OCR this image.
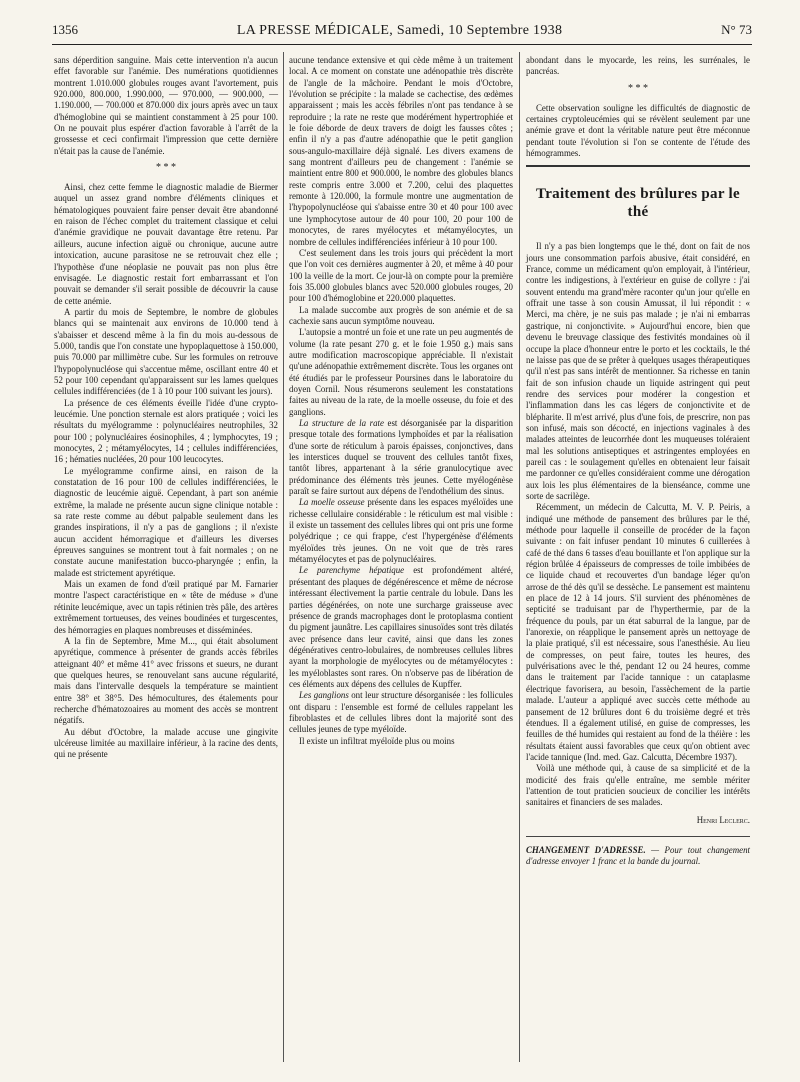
1356	LA PRESSE MÉDICALE, Samedi, 10 Septembre 1938	N° 73

sans déperdition sanguine. Mais cette intervention n'a aucun effet favorable sur l'anémie. Des numérations quotidiennes montrent 1.010.000 globules rouges avant l'avortement, puis 920.000, 800.000, 1.990.000, — 970.000, — 900.000, — 1.190.000, — 700.000 et 870.000 dix jours après avec un taux d'hémoglobine qui se maintient constamment à 25 pour 100. On ne pouvait plus espérer d'action favorable à l'arrêt de la grossesse et ceci confirmait l'impression que cette dernière n'était pas la cause de l'anémie.

* * *

Ainsi, chez cette femme le diagnostic maladie de Biermer auquel un assez grand nombre d'éléments cliniques et hématologiques pouvaient faire penser devait être abandonné en raison de l'échec complet du traitement classique et celui d'anémie gravidique ne pouvait davantage être retenu. Par ailleurs, aucune infection aiguë ou chronique, aucune autre intoxication, aucune parasitose ne se retrouvait chez elle ; l'hypothèse d'une néoplasie ne pouvait pas non plus être envisagée. Le diagnostic restait fort embarrassant et l'on pouvait se demander s'il serait possible de découvrir la cause de cette anémie.

A partir du mois de Septembre, le nombre de globules blancs qui se maintenait aux environs de 10.000 tend à s'abaisser et descend même à la fin du mois au-dessous de 5.000, tandis que l'on constate une hypoplaquettose à 150.000, puis 70.000 par millimètre cube. Sur les formules on retrouve l'hypopolynucléose qui s'accentue même, oscillant entre 40 et 52 pour 100 cependant qu'apparaissent sur les lames quelques cellules indifférenciées (de 1 à 10 pour 100 suivant les jours).

La présence de ces éléments éveille l'idée d'une crypto-leucémie. Une ponction sternale est alors pratiquée ; voici les résultats du myélogramme : polynucléaires neutrophiles, 32 pour 100 ; polynucléaires éosinophiles, 4 ; lymphocytes, 19 ; monocytes, 2 ; métamyélocytes, 14 ; cellules indifférenciées, 16 ; hématies nucléées, 20 pour 100 leucocytes.

Le myélogramme confirme ainsi, en raison de la constatation de 16 pour 100 de cellules indifférenciées, le diagnostic de leucémie aiguë. Cependant, à part son anémie extrême, la malade ne présente aucun signe clinique notable : sa rate reste comme au début palpable seulement dans les grandes inspirations, il n'y a pas de ganglions ; il n'existe aucun accident hémorragique et d'ailleurs les diverses épreuves sanguines se montrent tout à fait normales ; on ne constate aucune manifestation bucco-pharyngée ; enfin, la malade est strictement apyrétique.

Mais un examen de fond d'œil pratiqué par M. Farnarier montre l'aspect caractéristique en « tête de méduse » d'une rétinite leucémique, avec un tapis rétinien très pâle, des artères extrêmement tortueuses, des veines boudinées et turgescentes, des hémorragies en plaques nombreuses et disséminées.

A la fin de Septembre, Mme M..., qui était absolument apyrétique, commence à présenter de grands accès fébriles atteignant 40° et même 41° avec frissons et sueurs, ne durant que quelques heures, se renouvelant sans aucune régularité, mais dans l'intervalle desquels la température se maintient entre 38° et 38°5. Des hémocultures, des étalements pour recherche d'hématozoaires au moment des accès se montrent négatifs.

Au début d'Octobre, la malade accuse une gingivite ulcéreuse limitée au maxillaire inférieur, à la racine des dents, qui ne présente

aucune tendance extensive et qui cède même à un traitement local. A ce moment on constate une adénopathie très discrète de l'angle de la mâchoire. Pendant le mois d'Octobre, l'évolution se précipite : la malade se cachectise, des œdèmes apparaissent ; mais les accès fébriles n'ont pas tendance à se reproduire ; la rate ne reste que modérément hypertrophiée et le foie déborde de deux travers de doigt les fausses côtes ; enfin il n'y a pas d'autre adénopathie que le petit ganglion sous-angulo-maxillaire déjà signalé. Les divers examens de sang montrent d'ailleurs peu de changement : l'anémie se maintient entre 800 et 900.000, le nombre des globules blancs reste compris entre 3.000 et 7.200, celui des plaquettes remonte à 120.000, la formule montre une augmentation de l'hypopolynucléose qui s'abaisse entre 30 et 40 pour 100 avec une lymphocytose autour de 40 pour 100, 20 pour 100 de monocytes, de rares myélocytes et métamyélocytes, un nombre de cellules indifférenciées inférieur à 10 pour 100.

C'est seulement dans les trois jours qui précèdent la mort que l'on voit ces dernières augmenter à 20, et même à 40 pour 100 la veille de la mort. Ce jour-là on compte pour la première fois 35.000 globules blancs avec 520.000 globules rouges, 20 pour 100 d'hémoglobine et 220.000 plaquettes.

La malade succombe aux progrès de son anémie et de sa cachexie sans aucun symptôme nouveau.

L'autopsie a montré un foie et une rate un peu augmentés de volume (la rate pesant 270 g. et le foie 1.950 g.) mais sans autre modification macroscopique appréciable. Il n'existait qu'une adénopathie extrêmement discrète. Tous les organes ont été étudiés par le professeur Poursines dans le laboratoire du doyen Cornil. Nous résumerons seulement les constatations faites au niveau de la rate, de la moelle osseuse, du foie et des ganglions.

La structure de la rate est désorganisée par la disparition presque totale des formations lymphoïdes et par la réalisation d'une sorte de réticulum à parois épaisses, conjonctives, dans les interstices duquel se trouvent des cellules tantôt fixes, tantôt libres, appartenant à la série granulocytique avec prédominance des éléments très jeunes. Cette myélogénèse paraît se faire surtout aux dépens de l'endothélium des sinus.

La moelle osseuse présente dans les espaces myéloïdes une richesse cellulaire considérable : le réticulum est mal visible : il existe un tassement des cellules libres qui ont pris une forme polyédrique ; ce qui frappe, c'est l'hypergénèse d'éléments myéloïdes très jeunes. On ne voit que de très rares métamyélocytes et pas de polynucléaires.

Le parenchyme hépatique est profondément altéré, présentant des plaques de dégénérescence et même de nécrose intéressant électivement la partie centrale du lobule. Dans les parties dégénérées, on note une surcharge graisseuse avec présence de grands macrophages dont le protoplasma contient du pigment jaunâtre. Les capillaires sinusoïdes sont très dilatés avec présence dans leur cavité, ainsi que dans les zones dégénératives centro-lobulaires, de nombreuses cellules libres ayant la morphologie de myélocytes ou de métamyélocytes : les myéloblastes sont rares. On n'observe pas de libération de ces éléments aux dépens des cellules de Kupffer.

Les ganglions ont leur structure désorganisée : les follicules ont disparu : l'ensemble est formé de cellules rappelant les fibroblastes et de cellules libres dont la majorité sont des cellules jeunes de type myéloïde.

Il existe un infiltrat myéloïde plus ou moins

abondant dans le myocarde, les reins, les surrénales, le pancréas.

* * *

Cette observation souligne les difficultés de diagnostic de certaines cryptoleucémies qui se révèlent seulement par une anémie grave et dont la véritable nature peut être méconnue pendant toute l'évolution si l'on se contente de l'étude des hémogrammes.

Traitement des brûlures par le thé

Il n'y a pas bien longtemps que le thé, dont on fait de nos jours une consommation parfois abusive, était considéré, en France, comme un médicament qu'on employait, à l'intérieur, contre les indigestions, à l'extérieur en guise de collyre : j'ai souvent entendu ma grand'mère raconter qu'un jour qu'elle en offrait une tasse à son cousin Amussat, il lui répondit : « Merci, ma chère, je ne suis pas malade ; je n'ai ni embarras gastrique, ni conjonctivite. » Aujourd'hui encore, bien que devenu le breuvage classique des festivités mondaines où il occupe la place d'honneur entre le porto et les cocktails, le thé ne laisse pas que de se prêter à quelques usages thérapeutiques qu'il n'est pas sans intérêt de mentionner. Sa richesse en tanin fait de son infusion chaude un liquide astringent qui peut rendre des services pour modérer la congestion et l'inflammation dans les cas légers de conjonctivite et de blépharite. Il m'est arrivé, plus d'une fois, de prescrire, non pas son infusé, mais son décocté, en injections vaginales à des malades atteintes de leucorrhée dont les muqueuses toléraient mal les solutions antiseptiques et astringentes employées en pareil cas : le soulagement qu'elles en obtenaient leur faisait me pardonner ce qu'elles considéraient comme une dérogation aux lois les plus élémentaires de la bienséance, comme une sorte de sacrilège.

Récemment, un médecin de Calcutta, M. V. P. Peiris, a indiqué une méthode de pansement des brûlures par le thé, méthode pour laquelle il conseille de procéder de la façon suivante : on fait infuser pendant 10 minutes 6 cuillerées à café de thé dans 6 tasses d'eau bouillante et l'on applique sur la région brûlée 4 épaisseurs de compresses de toile imbibées de ce liquide chaud et recouvertes d'un bandage léger qu'on arrose de thé dès qu'il se dessèche. Le pansement est maintenu en place de 12 à 14 jours. S'il survient des phénomènes de septicité se traduisant par de l'hyperthermie, par de la fréquence du pouls, par un état saburral de la langue, par de l'anorexie, on réapplique le pansement après un nettoyage de la plaie pratiqué, s'il est nécessaire, sous l'anesthésie. Au lieu de compresses, on peut faire, toutes les heures, des pulvérisations avec le thé, pendant 12 ou 24 heures, comme dans le traitement par l'acide tannique : un cataplasme électrique favorisera, au besoin, l'assèchement de la partie malade. L'auteur a appliqué avec succès cette méthode au pansement de 12 brûlures dont 6 du troisième degré et très étendues. Il a également utilisé, en guise de compresses, les feuilles de thé humides qui restaient au fond de la théière : les résultats étaient aussi favorables que ceux qu'on obtient avec l'acide tannique (Ind. med. Gaz. Calcutta, Décembre 1937).

Voilà une méthode qui, à cause de sa simplicité et de la modicité des frais qu'elle entraîne, me semble mériter l'attention de tout praticien soucieux de concilier les intérêts sanitaires et financiers de ses malades.

Henri Leclerc.

CHANGEMENT D'ADRESSE. — Pour tout changement d'adresse envoyer 1 franc et la bande du journal.
